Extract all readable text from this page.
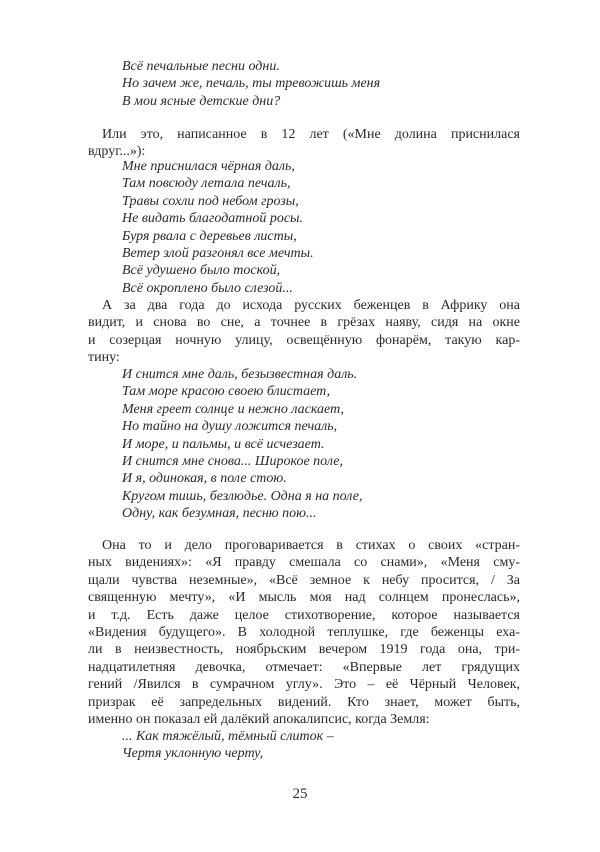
25
Всё печальные песни одни.
Но зачем же, печаль, ты тревожишь меня
В мои ясные детские дни?
Или это, написанное в 12 лет («Мне долина приснилася
вдруг...»):
Мне приснилася чёрная даль,
Там повсюду летала печаль,
Травы сохли под небом грозы,
Не видать благодатной росы.
Буря рвала с деревьев листы,
Ветер злой разгонял все мечты.
Всё удушено было тоской,
Всё окроплено было слезой...
А за два года до исхода русских беженцев в Африку она
видит, и снова во сне, а точнее в грёзах наяву, сидя на окне
и созерцая ночную улицу, освещённую фонарём, такую кар-
тину:
И снится мне даль, безызвестная даль.
Там море красою своею блистает,
Меня греет солнце и нежно ласкает,
Но тайно на душу ложится печаль,
И море, и пальмы, и всё исчезает.
И снится мне снова... Широкое поле,
И я, одинокая, в поле стою.
Кругом тишь, безлюдье. Одна я на поле,
Одну, как безумная, песню пою...
Она то и дело проговаривается в стихах о своих «стран-
ных видениях»: «Я правду смешала со снами», «Меня сму-
щали чувства неземные», «Всё земное к небу просится, / За
священную мечту», «И мысль моя над солнцем пронеслась»,
и т.д. Есть даже целое стихотворение, которое называется
«Видения будущего». В холодной теплушке, где беженцы еха-
ли в неизвестность, ноябрьским вечером 1919 года она, три-
надцатилетняя девочка, отмечает: «Впервые лет грядущих
гений /Явился в сумрачном углу». Это – её Чёрный Человек,
призрак её запредельных видений. Кто знает, может быть,
именно он показал ей далёкий апокалипсис, когда Земля:
... Как тяжёлый, тёмный слиток –
Чертя уклонную черту,
